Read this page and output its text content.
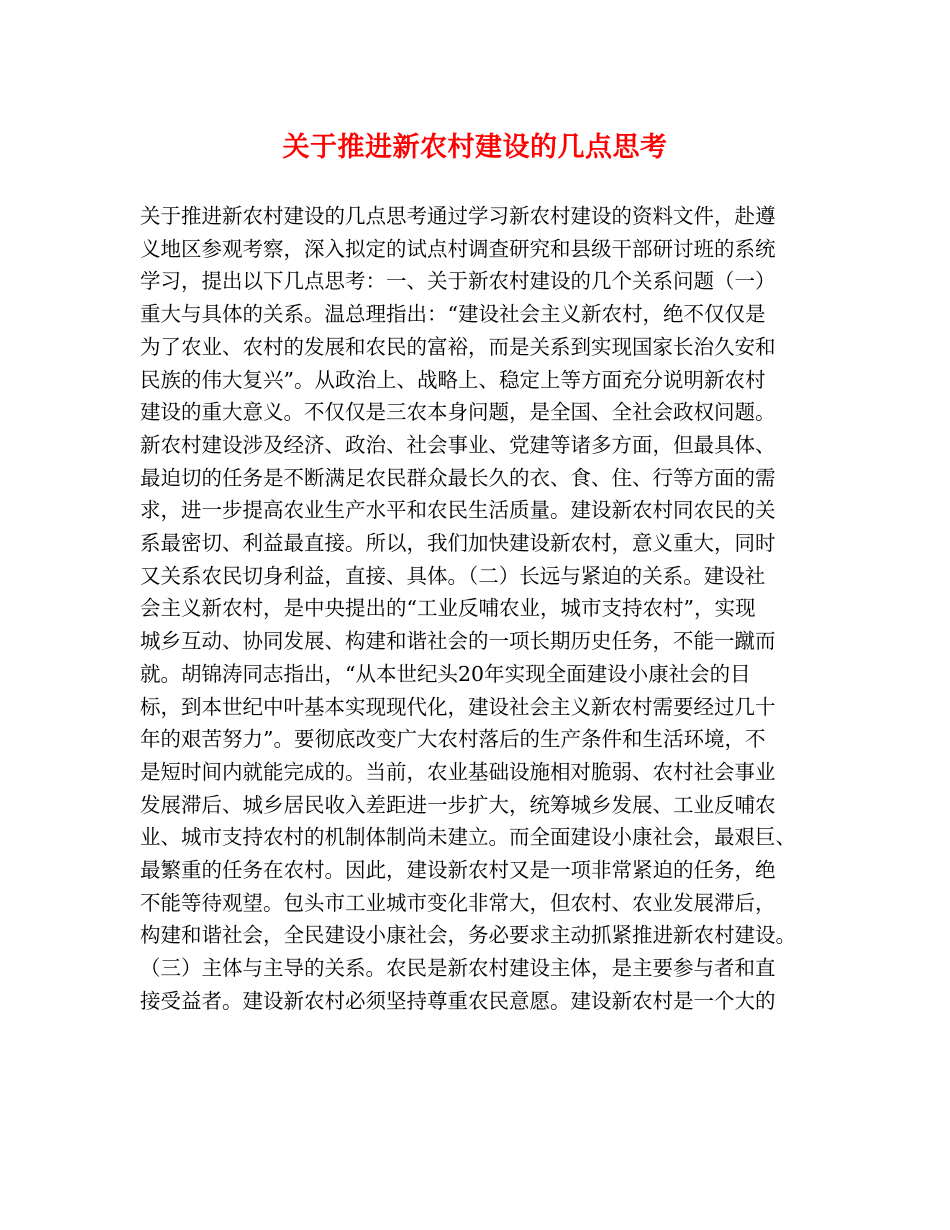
关于推进新农村建设的几点思考
关于推进新农村建设的几点思考通过学习新农村建设的资料文件，赴遵
义地区参观考察，深入拟定的试点村调查研究和县级干部研讨班的系统
学习，提出以下几点思考：一、关于新农村建设的几个关系问题（一）
重大与具体的关系。温总理指出：“建设社会主义新农村，绝不仅仅是
为了农业、农村的发展和农民的富裕，而是关系到实现国家长治久安和
民族的伟大复兴”。从政治上、战略上、稳定上等方面充分说明新农村
建设的重大意义。不仅仅是三农本身问题，是全国、全社会政权问题。
新农村建设涉及经济、政治、社会事业、党建等诸多方面，但最具体、
最迫切的任务是不断满足农民群众最长久的衣、食、住、行等方面的需
求，进一步提高农业生产水平和农民生活质量。建设新农村同农民的关
系最密切、利益最直接。所以，我们加快建设新农村，意义重大，同时
又关系农民切身利益，直接、具体。（二）长远与紧迫的关系。建设社
会主义新农村，是中央提出的“工业反哺农业，城市支持农村”，实现
城乡互动、协同发展、构建和谐社会的一项长期历史任务，不能一蹴而
就。胡锦涛同志指出，“从本世纪头20年实现全面建设小康社会的目
标，到本世纪中叶基本实现现代化，建设社会主义新农村需要经过几十
年的艰苦努力”。要彻底改变广大农村落后的生产条件和生活环境，不
是短时间内就能完成的。当前，农业基础设施相对脆弱、农村社会事业
发展滞后、城乡居民收入差距进一步扩大，统筹城乡发展、工业反哺农
业、城市支持农村的机制体制尚未建立。而全面建设小康社会，最艰巨、
最繁重的任务在农村。因此，建设新农村又是一项非常紧迫的任务，绝
不能等待观望。包头市工业城市变化非常大，但农村、农业发展滞后，
构建和谐社会，全民建设小康社会，务必要求主动抓紧推进新农村建设。
（三）主体与主导的关系。农民是新农村建设主体，是主要参与者和直
接受益者。建设新农村必须坚持尊重农民意愿。建设新农村是一个大的
